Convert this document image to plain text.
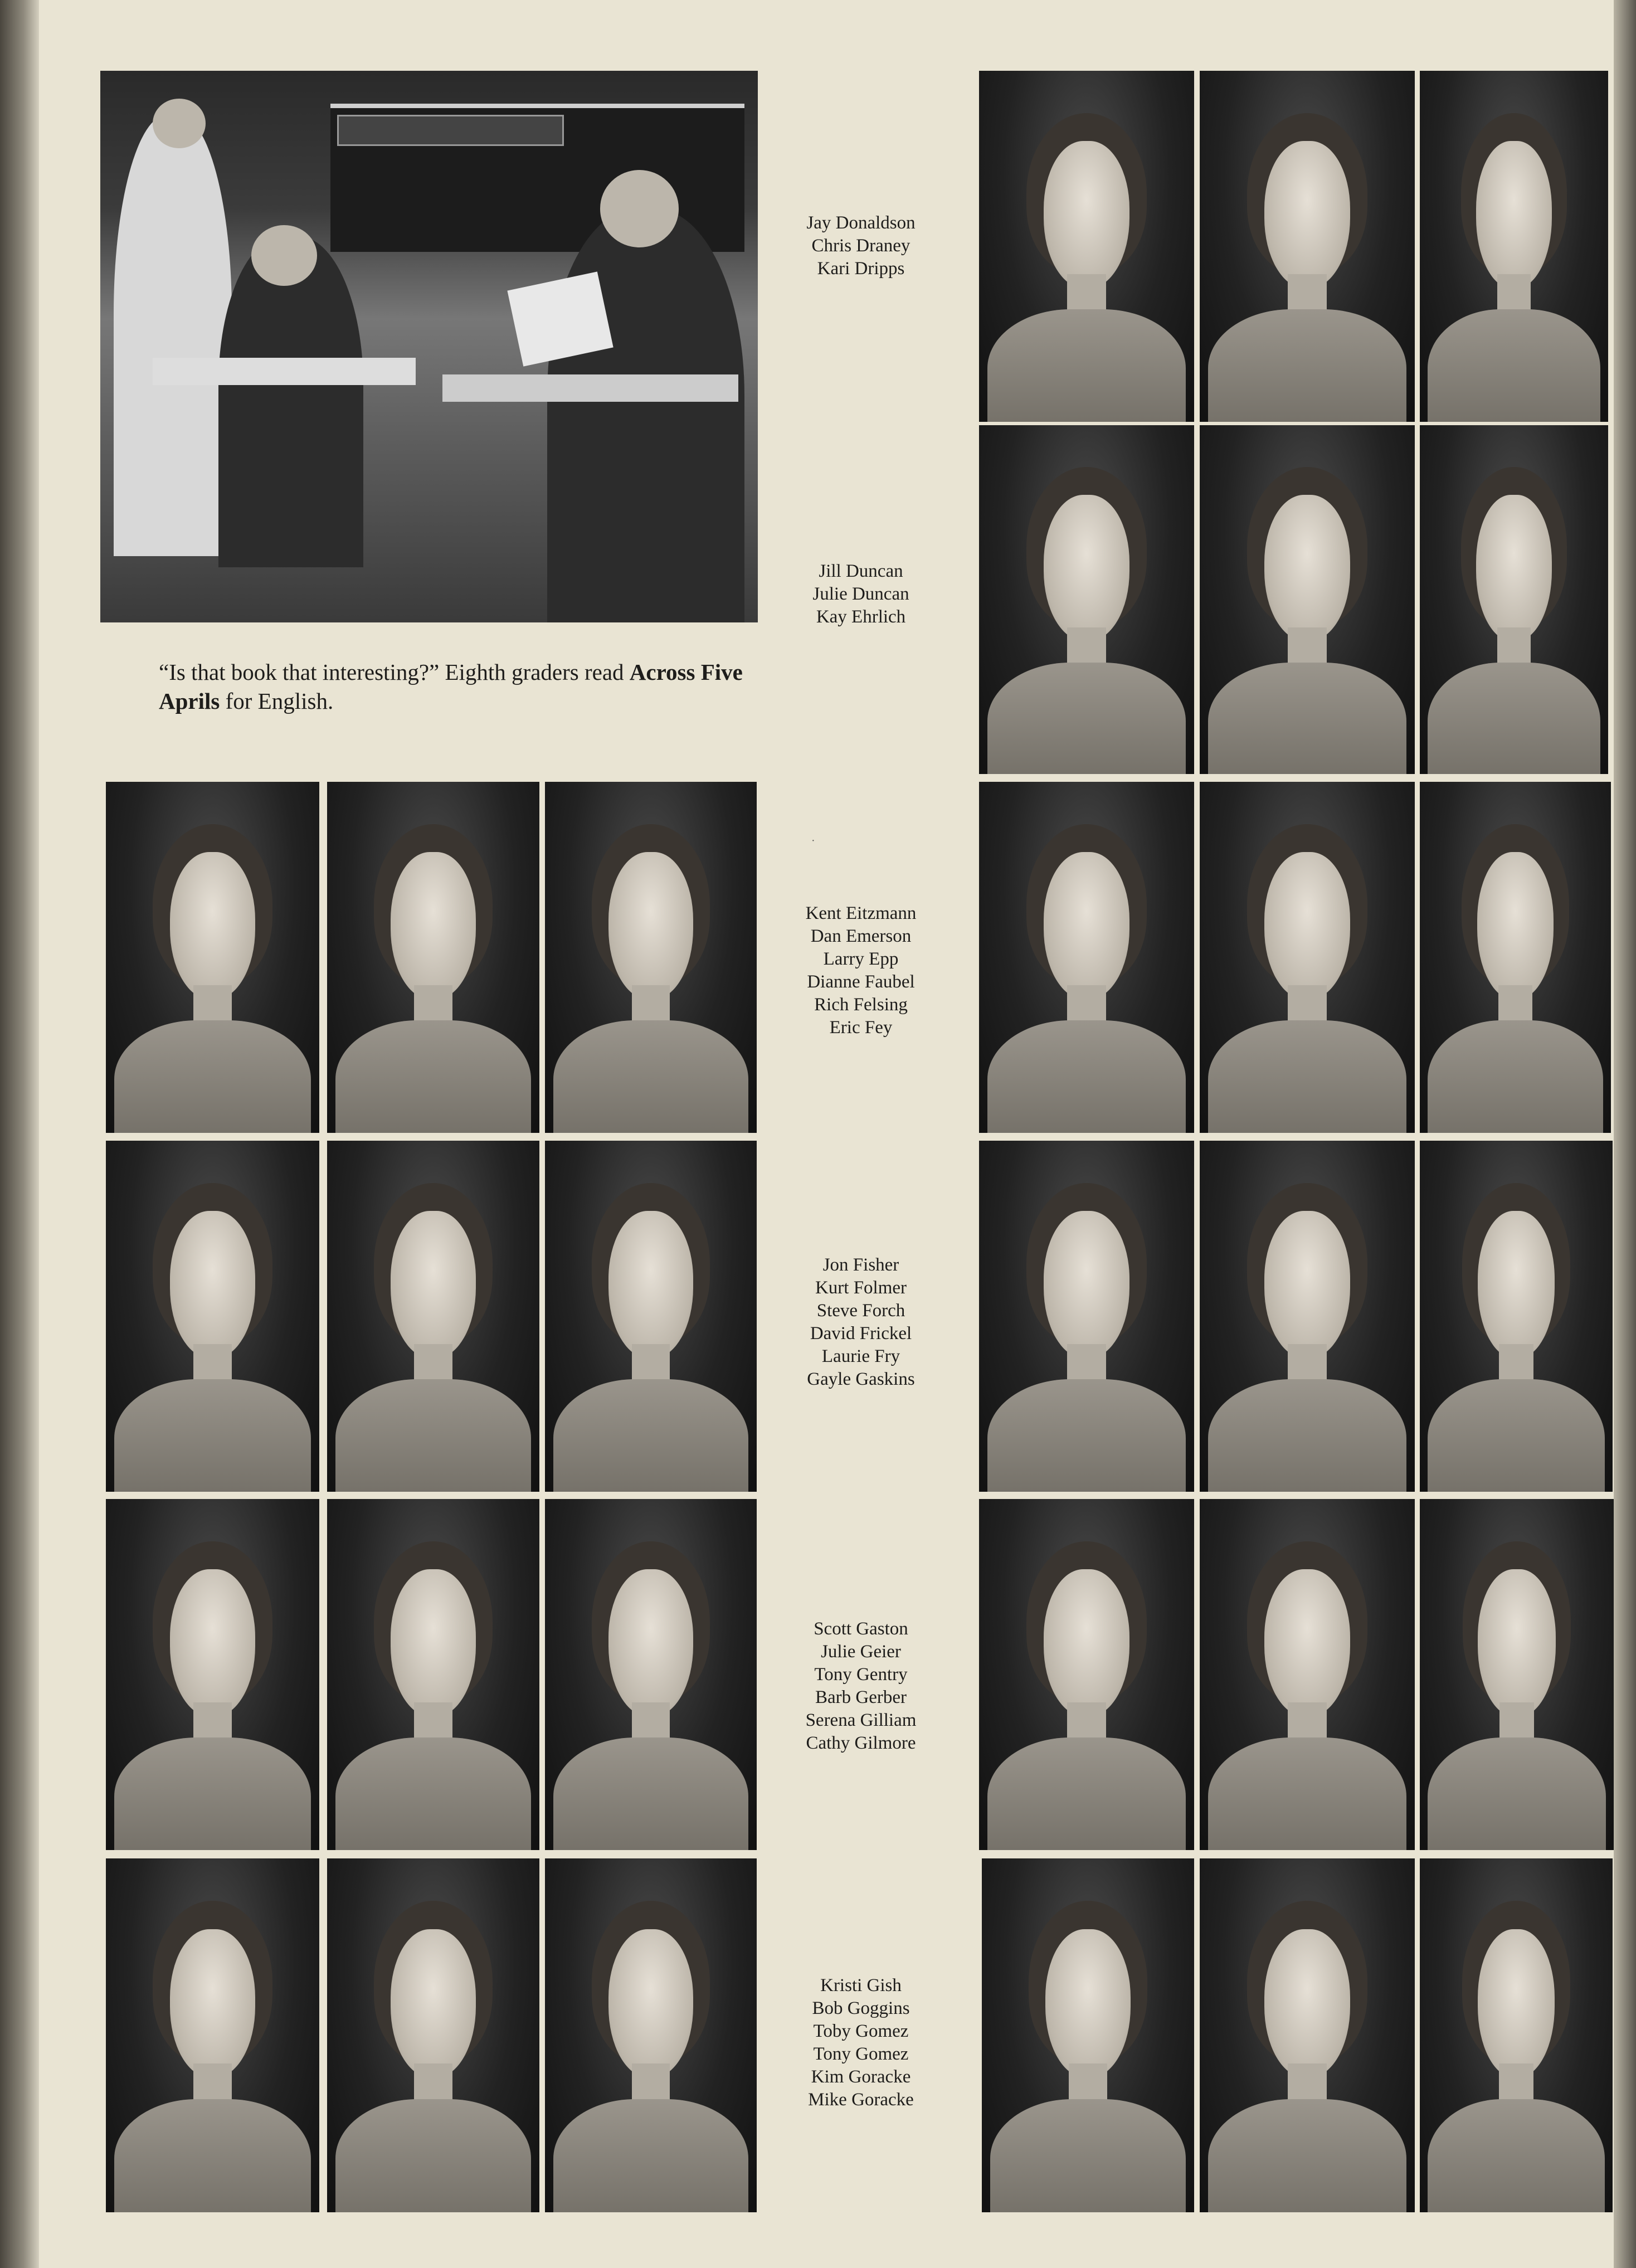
“Is that book that interesting?” Eighth graders read Across Five Aprils for English.
·
Jay Donaldson
Chris Draney
Kari Dripps
Jill Duncan
Julie Duncan
Kay Ehrlich
Kent Eitzmann
Dan Emerson
Larry Epp
Dianne Faubel
Rich Felsing
Eric Fey
Jon Fisher
Kurt Folmer
Steve Forch
David Frickel
Laurie Fry
Gayle Gaskins
Scott Gaston
Julie Geier
Tony Gentry
Barb Gerber
Serena Gilliam
Cathy Gilmore
Kristi Gish
Bob Goggins
Toby Gomez
Tony Gomez
Kim Goracke
Mike Goracke
